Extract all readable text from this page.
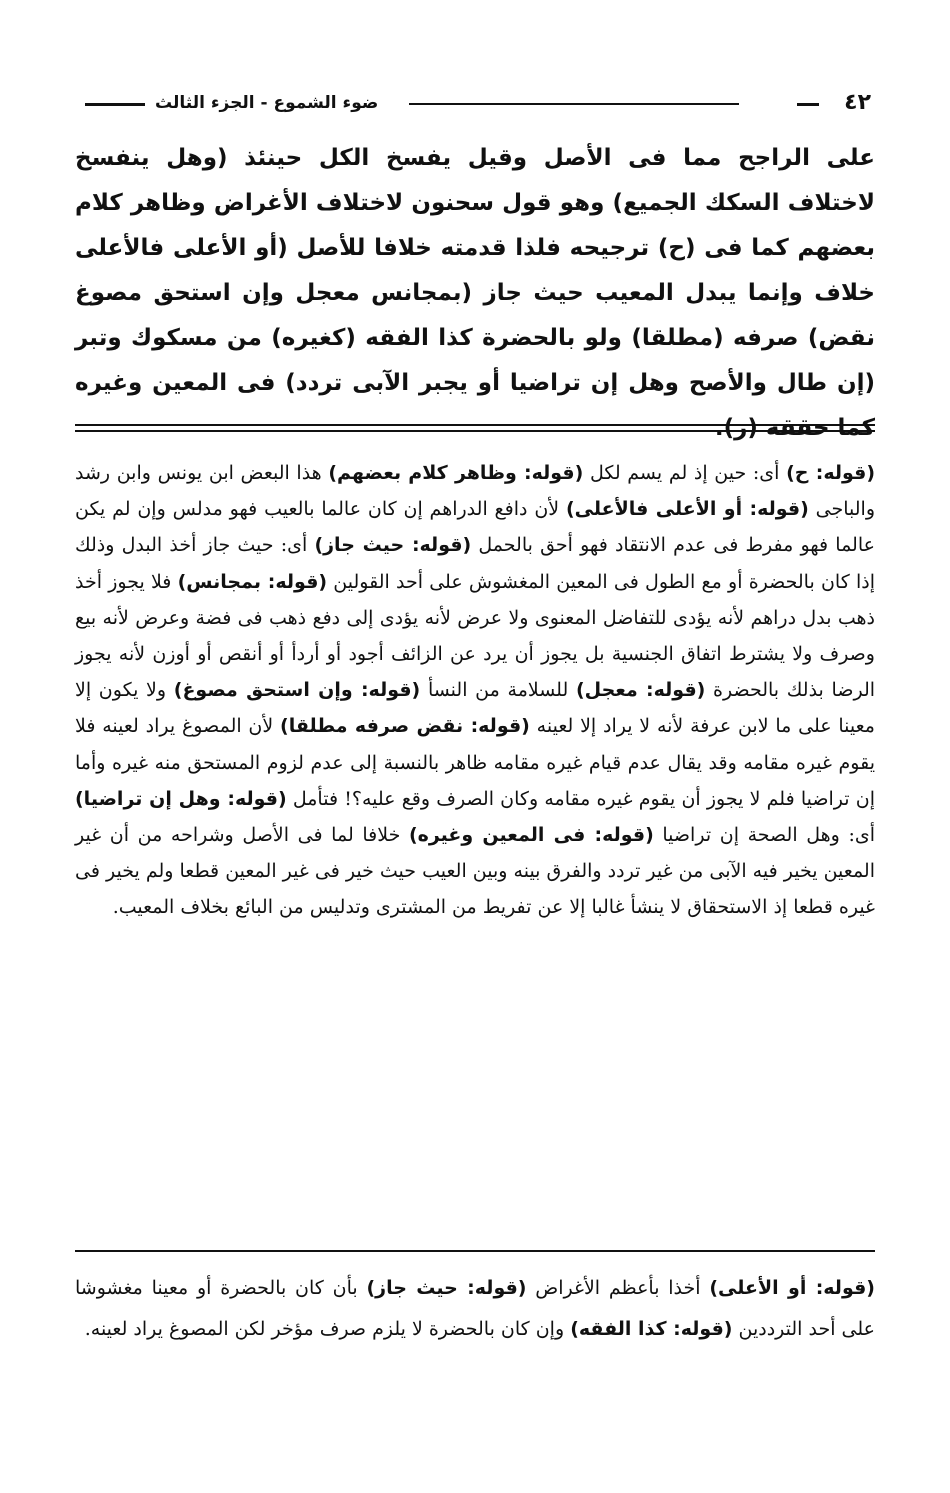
٤٢
ضوء الشموع - الجزء الثالث

على الراجح مما فى الأصل وقيل يفسخ الكل حينئذ (وهل ينفسخ لاختلاف السكك الجميع) وهو قول سحنون لاختلاف الأغراض وظاهر كلام بعضهم كما فى (ح) ترجيحه فلذا قدمته خلافا للأصل (أو الأعلى فالأعلى خلاف وإنما يبدل المعيب حيث جاز (بمجانس معجل وإن استحق مصوغ نقض) صرفه (مطلقا) ولو بالحضرة كذا الفقه (كغيره) من مسكوك وتبر (إن طال والأصح وهل إن تراضيا أو يجبر الآبى تردد) فى المعين وغيره كما حققه (ر).

(قوله: ح) أى: حين إذ لم يسم لكل (قوله: وظاهر كلام بعضهم) هذا البعض ابن يونس وابن رشد والباجى (قوله: أو الأعلى فالأعلى) لأن دافع الدراهم إن كان عالما بالعيب فهو مدلس وإن لم يكن عالما فهو مفرط فى عدم الانتقاد فهو أحق بالحمل (قوله: حيث جاز) أى: حيث جاز أخذ البدل وذلك إذا كان بالحضرة أو مع الطول فى المعين المغشوش على أحد القولين (قوله: بمجانس) فلا يجوز أخذ ذهب بدل دراهم لأنه يؤدى للتفاضل المعنوى ولا عرض لأنه يؤدى إلى دفع ذهب فى فضة وعرض لأنه بيع وصرف ولا يشترط اتفاق الجنسية بل يجوز أن يرد عن الزائف أجود أو أردأ أو أنقص أو أوزن لأنه يجوز الرضا بذلك بالحضرة (قوله: معجل) للسلامة من النسأ (قوله: وإن استحق مصوغ) ولا يكون إلا معينا على ما لابن عرفة لأنه لا يراد إلا لعينه (قوله: نقض صرفه مطلقا) لأن المصوغ يراد لعينه فلا يقوم غيره مقامه وقد يقال عدم قيام غيره مقامه ظاهر بالنسبة إلى عدم لزوم المستحق منه غيره وأما إن تراضيا فلم لا يجوز أن يقوم غيره مقامه وكان الصرف وقع عليه؟! فتأمل (قوله: وهل إن تراضيا) أى: وهل الصحة إن تراضيا (قوله: فى المعين وغيره) خلافا لما فى الأصل وشراحه من أن غير المعين يخير فيه الآبى من غير تردد والفرق بينه وبين العيب حيث خير فى غير المعين قطعا ولم يخير فى غيره قطعا إذ الاستحقاق لا ينشأ غالبا إلا عن تفريط من المشترى وتدليس من البائع بخلاف المعيب.

(قوله: أو الأعلى) أخذا بأعظم الأغراض (قوله: حيث جاز) بأن كان بالحضرة أو معينا مغشوشا على أحد الترددين (قوله: كذا الفقه) وإن كان بالحضرة لا يلزم صرف مؤخر لكن المصوغ يراد لعينه.
